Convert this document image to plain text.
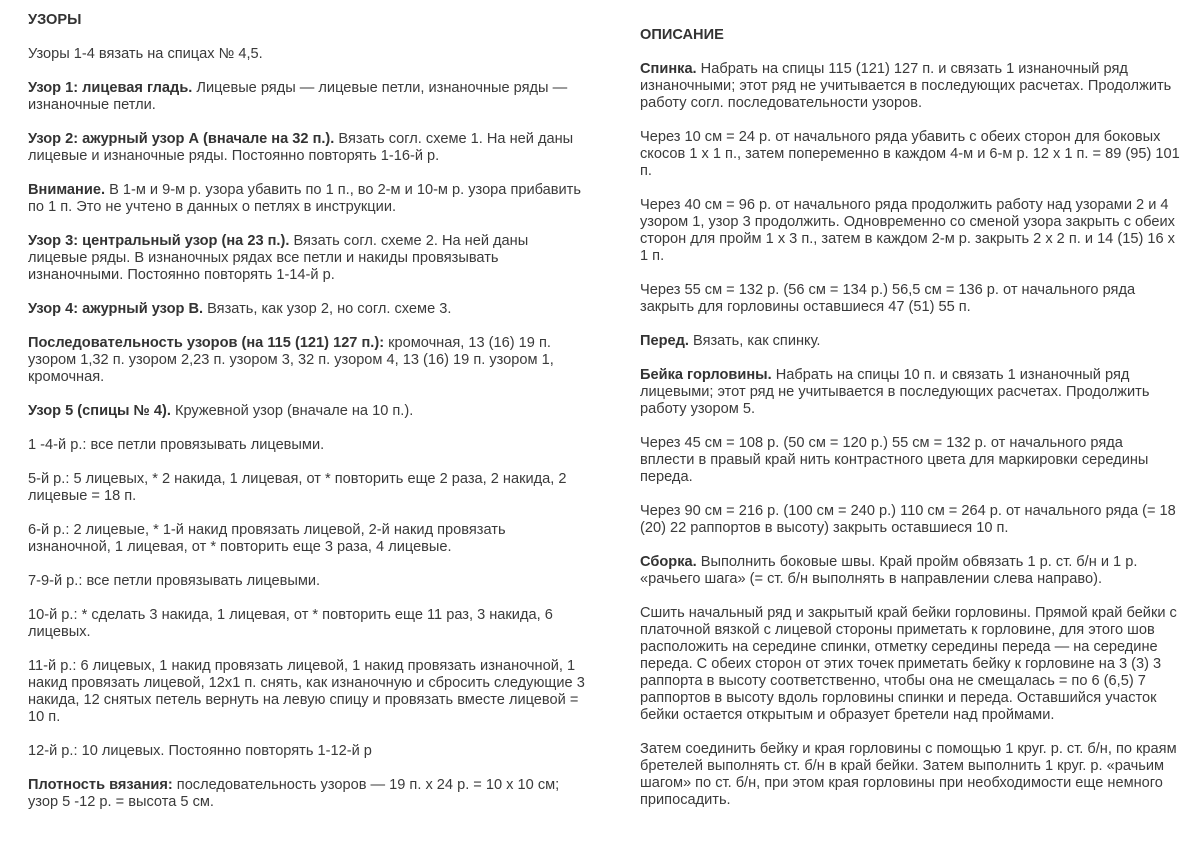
УЗОРЫ

Узоры 1-4 вязать на спицах № 4,5.

Узор 1: лицевая гладь. Лицевые ряды — лицевые петли, изнаночные ряды — изнаночные петли.

Узор 2: ажурный узор А (вначале на 32 п.). Вязать согл. схеме 1. На ней даны лицевые и изнаночные ряды. Постоянно повторять 1-16-й р.

Внимание. В 1-м и 9-м р. узора убавить по 1 п., во 2-м и 10-м р. узора прибавить по 1 п. Это не учтено в данных о петлях в инструкции.

Узор 3: центральный узор (на 23 п.). Вязать согл. схеме 2. На ней даны лицевые ряды. В изнаночных рядах все петли и накиды провязывать изнаночными. Постоянно повторять 1-14-й р.

Узор 4: ажурный узор В. Вязать, как узор 2, но согл. схеме 3.

Последовательность узоров (на 115 (121) 127 п.): кромочная, 13 (16) 19 п. узором 1,32 п. узором 2,23 п. узором 3, 32 п. узором 4, 13 (16) 19 п. узором 1, кромочная.

Узор 5 (спицы № 4). Кружевной узор (вначале на 10 п.).

1 -4-й р.: все петли провязывать лицевыми.

5-й р.: 5 лицевых, * 2 накида, 1 лицевая, от * повторить еще 2 раза, 2 накида, 2 лицевые = 18 п.

6-й р.: 2 лицевые, * 1-й накид провязать лицевой, 2-й накид провязать изнаночной, 1 лицевая, от * повторить еще 3 раза, 4 лицевые.

7-9-й р.: все петли провязывать лицевыми.

10-й р.: * сделать 3 накида, 1 лицевая, от * повторить еще 11 раз, 3 накида, 6 лицевых.

11-й р.: 6 лицевых, 1 накид провязать лицевой, 1 накид провязать изнаночной, 1 накид провязать лицевой, 12х1 п. снять, как изнаночную и сбросить следующие 3 накида, 12 снятых петель вернуть на левую спицу и провязать вместе лицевой = 10 п.

12-й р.: 10 лицевых. Постоянно повторять 1-12-й р

Плотность вязания: последовательность узоров — 19 п. х 24 р. = 10 х 10 см; узор 5 -12 р. = высота 5 см.

ОПИСАНИЕ

Спинка. Набрать на спицы 115 (121) 127 п. и связать 1 изнаночный ряд изнаночными; этот ряд не учитывается в последующих расчетах. Продолжить работу согл. последовательности узоров.

Через 10 см = 24 р. от начального ряда убавить с обеих сторон для боковых скосов 1 х 1 п., затем попеременно в каждом 4-м и 6-м р. 12 х 1 п. = 89 (95) 101 п.

Через 40 см = 96 р. от начального ряда продолжить работу над узорами 2 и 4 узором 1, узор 3 продолжить. Одновременно со сменой узора закрыть с обеих сторон для пройм 1 х 3 п., затем в каждом 2-м р. закрыть 2 х 2 п. и 14 (15) 16 х 1 п.

Через 55 см = 132 р. (56 см = 134 р.) 56,5 см = 136 р. от начального ряда закрыть для горловины оставшиеся 47 (51) 55 п.

Перед. Вязать, как спинку.

Бейка горловины. Набрать на спицы 10 п. и связать 1 изнаночный ряд лицевыми; этот ряд не учитывается в последующих расчетах. Продолжить работу узором 5.

Через 45 см = 108 р. (50 см = 120 р.) 55 см = 132 р. от начального ряда вплести в правый край нить контрастного цвета для маркировки середины переда.

Через 90 см = 216 р. (100 см = 240 р.) 110 см = 264 р. от начального ряда (= 18 (20) 22 раппортов в высоту) закрыть оставшиеся 10 п.

Сборка. Выполнить боковые швы. Край пройм обвязать 1 р. ст. б/н и 1 р. «рачьего шага» (= ст. б/н выполнять в направлении слева направо).

Сшить начальный ряд и закрытый край бейки горловины. Прямой край бейки с платочной вязкой с лицевой стороны приметать к горловине, для этого шов расположить на середине спинки, отметку середины переда — на середине переда. С обеих сторон от этих точек приметать бейку к горловине на 3 (3) 3 раппорта в высоту соответственно, чтобы она не смещалась = по 6 (6,5) 7 раппортов в высоту вдоль горловины спинки и переда. Оставшийся участок бейки остается открытым и образует бретели над проймами.

Затем соединить бейку и края горловины с помощью 1 круг. р. ст. б/н, по краям бретелей выполнять ст. б/н в край бейки. Затем выполнить 1 круг. р. «рачьим шагом» по ст. б/н, при этом края горловины при необходимости еще немного припосадить.
